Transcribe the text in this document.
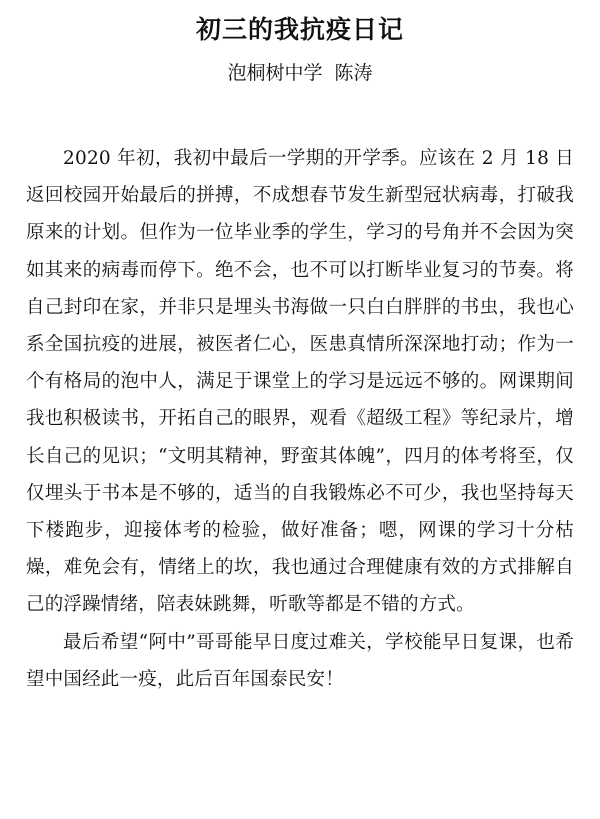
初三的我抗疫日记
泡桐树中学  陈涛

2020 年初，我初中最后一学期的开学季。应该在 2 月 18 日返回校园开始最后的拼搏，不成想春节发生新型冠状病毒，打破我原来的计划。但作为一位毕业季的学生，学习的号角并不会因为突如其来的病毒而停下。绝不会，也不可以打断毕业复习的节奏。将自己封印在家，并非只是埋头书海做一只白白胖胖的书虫，我也心系全国抗疫的进展，被医者仁心，医患真情所深深地打动；作为一个有格局的泡中人，满足于课堂上的学习是远远不够的。网课期间我也积极读书，开拓自己的眼界，观看《超级工程》等纪录片，增长自己的见识；“文明其精神，野蛮其体魄”，四月的体考将至，仅仅埋头于书本是不够的，适当的自我锻炼必不可少，我也坚持每天下楼跑步，迎接体考的检验，做好准备；嗯，网课的学习十分枯燥，难免会有，情绪上的坎，我也通过合理健康有效的方式排解自己的浮躁情绪，陪表妹跳舞，听歌等都是不错的方式。

最后希望“阿中”哥哥能早日度过难关，学校能早日复课，也希望中国经此一疫，此后百年国泰民安！
